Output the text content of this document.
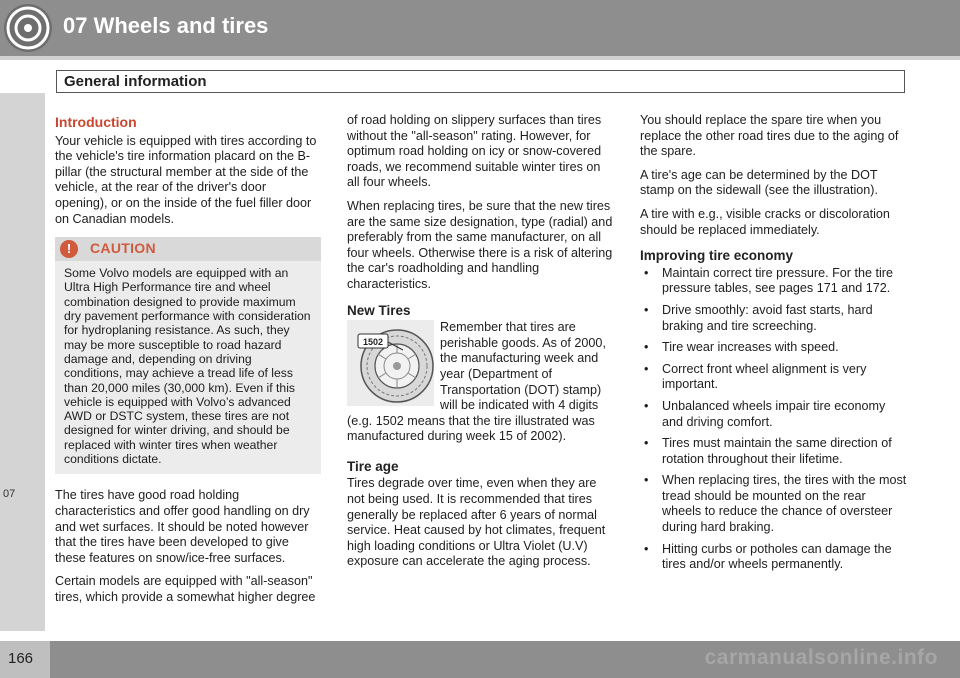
07 Wheels and tires
General information
07
Introduction

Your vehicle is equipped with tires according to the vehicle's tire information placard on the B-pillar (the structural member at the side of the vehicle, at the rear of the driver's door opening), or on the inside of the fuel filler door on Canadian models.

!	CAUTION
Some Volvo models are equipped with an Ultra High Performance tire and wheel combination designed to provide maximum dry pavement performance with consideration for hydroplaning resistance. As such, they may be more susceptible to road hazard damage and, depending on driving conditions, may achieve a tread life of less than 20,000 miles (30,000 km). Even if this vehicle is equipped with Volvo’s advanced AWD or DSTC system, these tires are not designed for winter driving, and should be replaced with winter tires when weather conditions dictate.

The tires have good road holding characteristics and offer good handling on dry and wet surfaces. It should be noted however that the tires have been developed to give these features on snow/ice-free surfaces.

Certain models are equipped with "all-season" tires, which provide a somewhat higher degree

of road holding on slippery surfaces than tires without the "all-season" rating. However, for optimum road holding on icy or snow-covered roads, we recommend suitable winter tires on all four wheels.

When replacing tires, be sure that the new tires are the same size designation, type (radial) and preferably from the same manufacturer, on all four wheels. Otherwise there is a risk of altering the car's roadholding and handling characteristics.

New Tires
1502
Remember that tires are perishable goods. As of 2000, the manufacturing week and year (Department of Transportation (DOT) stamp) will be indicated with 4 digits (e.g. 1502 means that the tire illustrated was manufactured during week 15 of 2002).
Tire age

Tires degrade over time, even when they are not being used. It is recommended that tires generally be replaced after 6 years of normal service. Heat caused by hot climates, frequent high loading conditions or Ultra Violet (U.V) exposure can accelerate the aging process.

You should replace the spare tire when you replace the other road tires due to the aging of the spare.

A tire's age can be determined by the DOT stamp on the sidewall (see the illustration).

A tire with e.g., visible cracks or discoloration should be replaced immediately.

Improving tire economy
• Maintain correct tire pressure. For the tire pressure tables, see pages 171 and 172.
• Drive smoothly: avoid fast starts, hard braking and tire screeching.
• Tire wear increases with speed.
• Correct front wheel alignment is very important.
• Unbalanced wheels impair tire economy and driving comfort.
• Tires must maintain the same direction of rotation throughout their lifetime.
• When replacing tires, the tires with the most tread should be mounted on the rear wheels to reduce the chance of oversteer during hard braking.
• Hitting curbs or potholes can damage the tires and/or wheels permanently.
166	carmanualsonline.info
